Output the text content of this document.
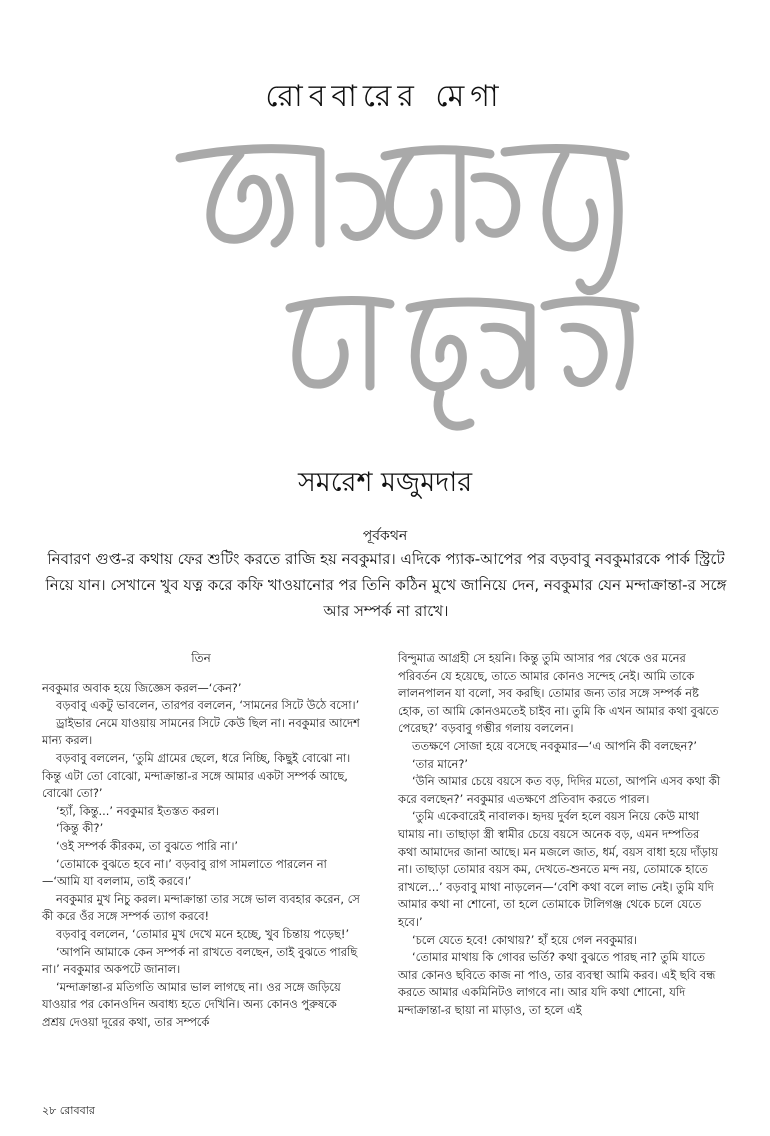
রোববারের মেগা
সমরেশ মজুমদার
পূর্বকথন
নিবারণ গুপ্ত-র কথায় ফের শুটিং করতে রাজি হয় নবকুমার। এদিকে প্যাক-আপের পর বড়বাবু নবকুমারকে পার্ক স্ট্রিটে নিয়ে যান। সেখানে খুব যত্ন করে কফি খাওয়ানোর পর তিনি কঠিন মুখে জানিয়ে দেন, নবকুমার যেন মন্দাক্রান্তা-র সঙ্গে আর সম্পর্ক না রাখে।

তিন

নবকুমার অবাক হয়ে জিজ্ঞেস করল—‘কেন?’

বড়বাবু একটু ভাবলেন, তারপর বললেন, ‘সামনের সিটে উঠে বসো।’

ড্রাইভার নেমে যাওয়ায় সামনের সিটে কেউ ছিল না। নবকুমার আদেশ মান্য করল।

বড়বাবু বললেন, ‘তুমি গ্রামের ছেলে, ধরে নিচ্ছি, কিছুই বোঝো না। কিন্তু এটা তো বোঝো, মন্দাক্রান্তা-র সঙ্গে আমার একটা সম্পর্ক আছে, বোঝো তো?’

‘হ্যাঁ, কিন্তু...’ নবকুমার ইতস্তত করল।

‘কিন্তু কী?’

‘ওই সম্পর্ক কীরকম, তা বুঝতে পারি না।’

‘তোমাকে বুঝতে হবে না।’ বড়বাবু রাগ সামলাতে পারলেন না—‘আমি যা বললাম, তাই করবে।’

নবকুমার মুখ নিচু করল। মন্দাক্রান্তা তার সঙ্গে ভাল ব্যবহার করেন, সে কী করে ওঁর সঙ্গে সম্পর্ক ত্যাগ করবে!

বড়বাবু বললেন, ‘তোমার মুখ দেখে মনে হচ্ছে, খুব চিন্তায় পড়েছ!’

‘আপনি আমাকে কেন সম্পর্ক না রাখতে বলছেন, তাই বুঝতে পারছি না।’ নবকুমার অকপটে জানাল।

‘মন্দাক্রান্তা-র মতিগতি আমার ভাল লাগছে না। ওর সঙ্গে জড়িয়ে যাওয়ার পর কোনওদিন অবাধ্য হতে দেখিনি। অন্য কোনও পুরুষকে প্রশ্রয় দেওয়া দূরের কথা, তার সম্পর্কে

বিন্দুমাত্র আগ্রহী সে হয়নি। কিন্তু তুমি আসার পর থেকে ওর মনের পরিবর্তন যে হয়েছে, তাতে আমার কোনও সন্দেহ নেই। আমি তাকে লালনপালন যা বলো, সব করছি। তোমার জন্য তার সঙ্গে সম্পর্ক নষ্ট হোক, তা আমি কোনওমতেই চাইব না। তুমি কি এখন আমার কথা বুঝতে পেরেছ?’ বড়বাবু গম্ভীর গলায় বললেন।

ততক্ষণে সোজা হয়ে বসেছে নবকুমার—‘এ আপনি কী বলছেন?’

‘তার মানে?’

‘উনি আমার চেয়ে বয়সে কত বড়, দিদির মতো, আপনি এসব কথা কী করে বলছেন?’ নবকুমার এতক্ষণে প্রতিবাদ করতে পারল।

‘তুমি একেবারেই নাবালক। হৃদয় দুর্বল হলে বয়স নিয়ে কেউ মাথা ঘামায় না। তাছাড়া স্ত্রী স্বামীর চেয়ে বয়সে অনেক বড়, এমন দম্পতির কথা আমাদের জানা আছে। মন মজলে জাত, ধর্ম, বয়স বাধা হয়ে দাঁড়ায় না। তাছাড়া তোমার বয়স কম, দেখতে-শুনতে মন্দ নয়, তোমাকে হাতে রাখলে...’ বড়বাবু মাথা নাড়লেন—‘বেশি কথা বলে লাভ নেই। তুমি যদি আমার কথা না শোনো, তা হলে তোমাকে টালিগঞ্জ থেকে চলে যেতে হবে।’

‘চলে যেতে হবে! কোথায়?’ হাঁ হয়ে গেল নবকুমার।

‘তোমার মাথায় কি গোবর ভর্তি? কথা বুঝতে পারছ না? তুমি যাতে আর কোনও ছবিতে কাজ না পাও, তার ব্যবস্থা আমি করব। এই ছবি বন্ধ করতে আমার একমিনিটও লাগবে না। আর যদি কথা শোনো, যদি মন্দাক্রান্তা-র ছায়া না মাড়াও, তা হলে এই

২৮ রোববার
